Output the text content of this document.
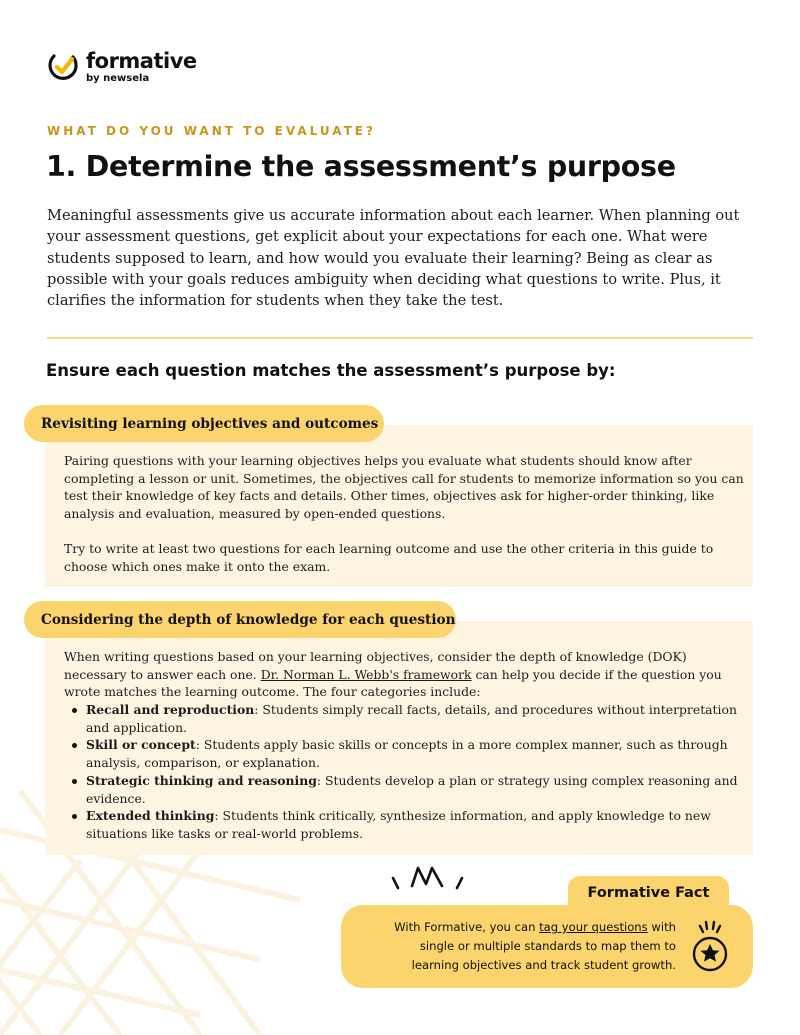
formative
by newsela
WHAT DO YOU WANT TO EVALUATE?
1. Determine the assessment’s purpose

Meaningful assessments give us accurate information about each learner. When planning out your assessment questions, get explicit about your expectations for each one. What were students supposed to learn, and how would you evaluate their learning? Being as clear as possible with your goals reduces ambiguity when deciding what questions to write. Plus, it clarifies the information for students when they take the test.

Ensure each question matches the assessment’s purpose by:
Revisiting learning objectives and outcomes

Pairing questions with your learning objectives helps you evaluate what students should know after completing a lesson or unit. Sometimes, the objectives call for students to memorize information so you can test their knowledge of key facts and details. Other times, objectives ask for higher-order thinking, like analysis and evaluation, measured by open-ended questions.

Try to write at least two questions for each learning outcome and use the other criteria in this guide to choose which ones make it onto the exam.

Considering the depth of knowledge for each question

When writing questions based on your learning objectives, consider the depth of knowledge (DOK) necessary to answer each one. Dr. Norman L. Webb's framework can help you decide if the question you wrote matches the learning outcome. The four categories include:

Recall and reproduction: Students simply recall facts, details, and procedures without interpretation and application.
Skill or concept: Students apply basic skills or concepts in a more complex manner, such as through analysis, comparison, or explanation.
Strategic thinking and reasoning: Students develop a plan or strategy using complex reasoning and evidence.
Extended thinking: Students think critically, synthesize information, and apply knowledge to new situations like tasks or real-world problems.
Formative Fact

With Formative, you can tag your questions with single or multiple standards to map them to learning objectives and track student growth.
